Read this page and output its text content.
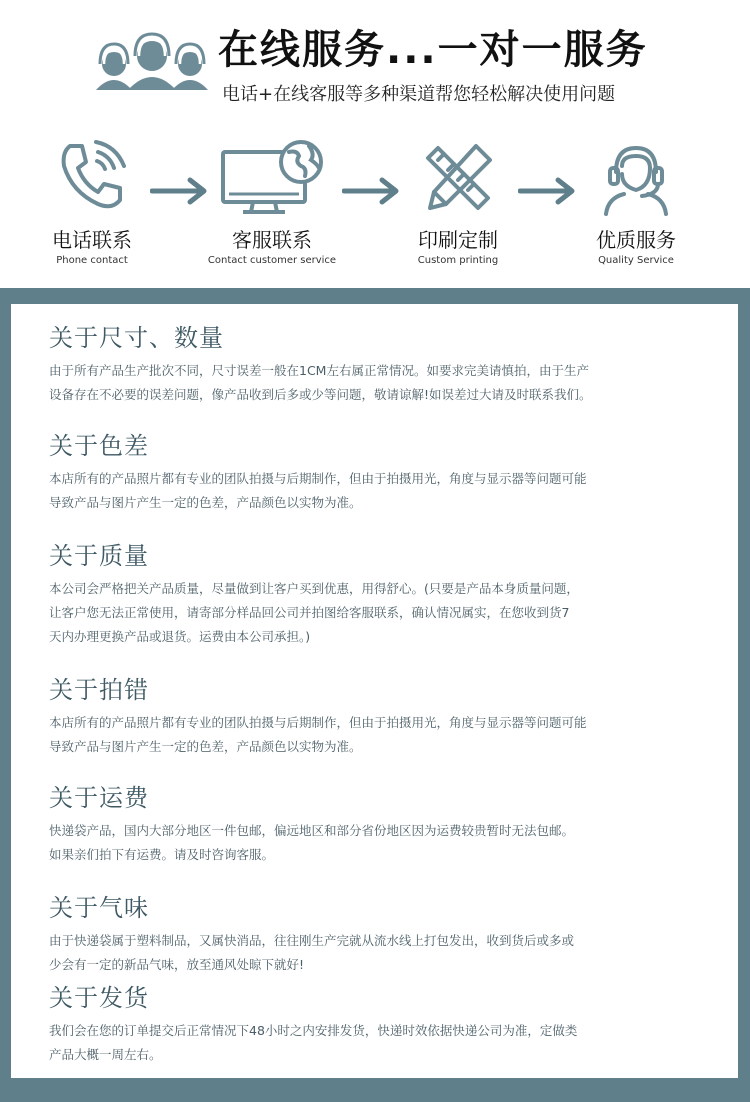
在线服务...一对一服务
电话+在线客服等多种渠道帮您轻松解决使用问题
电话联系
Phone contact
客服联系
Contact customer service
印刷定制
Custom printing
优质服务
Quality Service
关于尺寸、数量

由于所有产品生产批次不同，尺寸误差一般在1CM左右属正常情况。如要求完美请慎拍，由于生产
设备存在不必要的误差问题，像产品收到后多或少等问题，敬请谅解!如误差过大请及时联系我们。

关于色差

本店所有的产品照片都有专业的团队拍摄与后期制作，但由于拍摄用光，角度与显示器等问题可能
导致产品与图片产生一定的色差，产品颜色以实物为准。

关于质量

本公司会严格把关产品质量，尽量做到让客户买到优惠，用得舒心。(只要是产品本身质量问题，
让客户您无法正常使用，请寄部分样品回公司并拍图给客服联系，确认情况属实，在您收到货7
天内办理更换产品或退货。运费由本公司承担。)

关于拍错

本店所有的产品照片都有专业的团队拍摄与后期制作，但由于拍摄用光，角度与显示器等问题可能
导致产品与图片产生一定的色差，产品颜色以实物为准。

关于运费

快递袋产品，国内大部分地区一件包邮，偏远地区和部分省份地区因为运费较贵暂时无法包邮。
如果亲们拍下有运费。请及时咨询客服。

关于气味

由于快递袋属于塑料制品，又属快消品，往往刚生产完就从流水线上打包发出，收到货后或多或
少会有一定的新品气味，放至通风处晾下就好!

关于发货

我们会在您的订单提交后正常情况下48小时之内安排发货，快递时效依据快递公司为准，定做类
产品大概一周左右。
